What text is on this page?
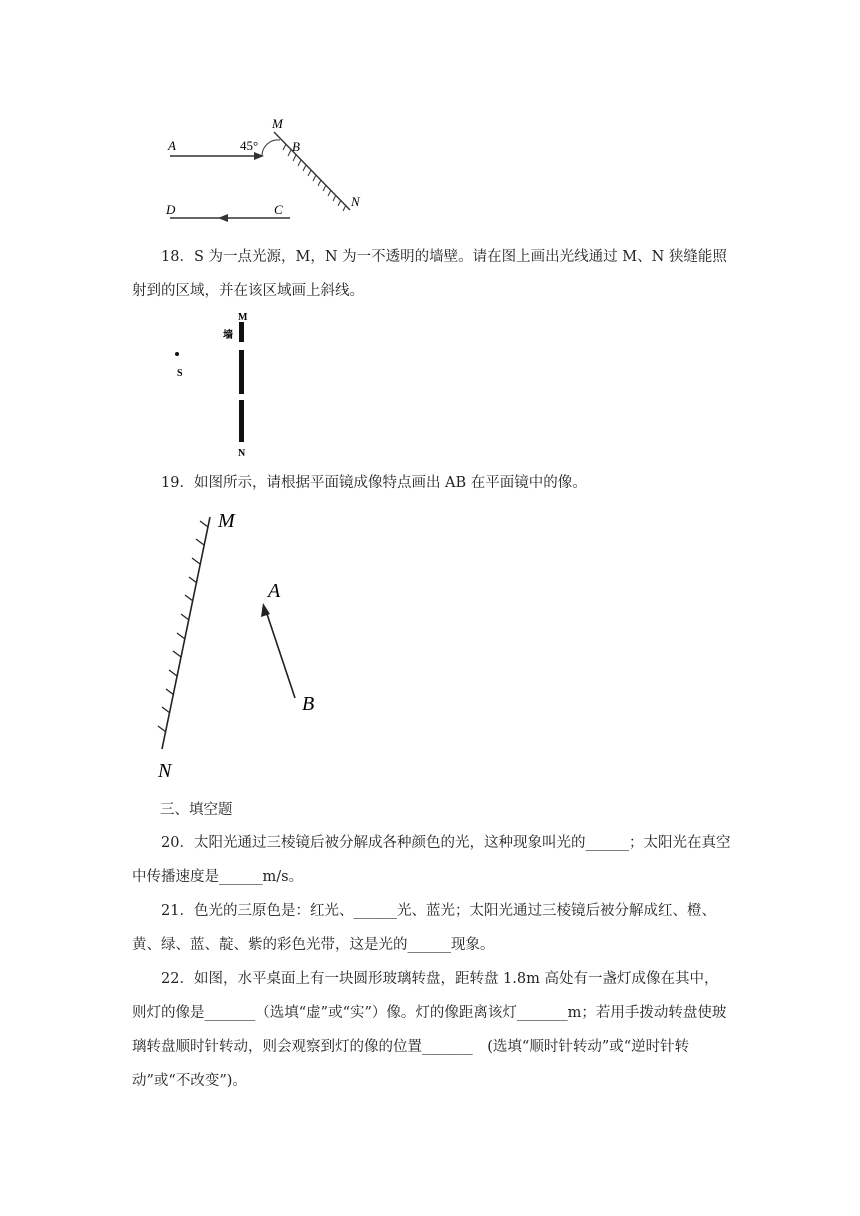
A	45°
M
B
N
D	C

18．S 为一点光源，M，N 为一不透明的墙壁。请在图上画出光线通过 M、N 狭缝能照射到的区域，并在该区域画上斜线。

M
墙
S
N

19．如图所示，请根据平面镜成像特点画出 AB 在平面镜中的像。

M
N
A
B

三、填空题

20．太阳光通过三棱镜后被分解成各种颜色的光，这种现象叫光的______；太阳光在真空中传播速度是______m/s。

21．色光的三原色是：红光、______光、蓝光；太阳光通过三棱镜后被分解成红、橙、黄、绿、蓝、靛、紫的彩色光带，这是光的______现象。

22．如图，水平桌面上有一块圆形玻璃转盘，距转盘 1.8m 高处有一盏灯成像在其中，则灯的像是_______（选填“虚”或“实”）像。灯的像距离该灯_______m；若用手拨动转盘使玻璃转盘顺时针转动，则会观察到灯的像的位置_______　(选填“顺时针转动”或“逆时针转动”或“不改变”)。
